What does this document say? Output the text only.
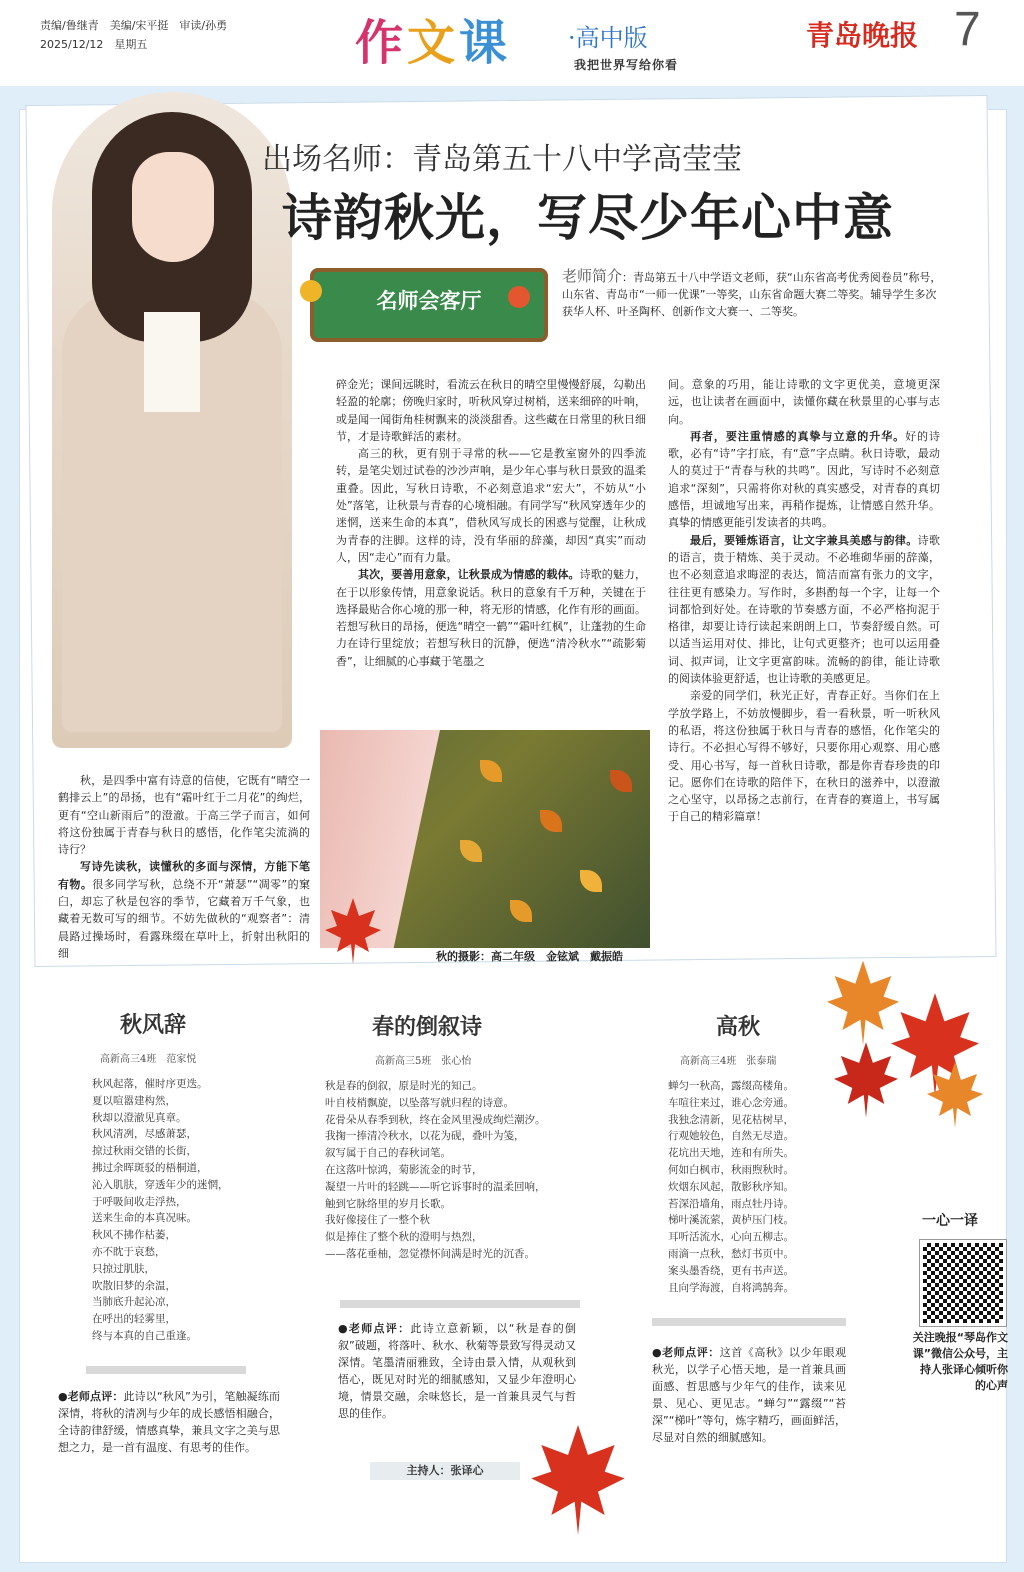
责编/鲁继青　美编/宋平挺　审读/孙勇
2025/12/12　星期五	作文课 ·高中版
我把世界写给你看
青岛晚报 7
出场名师：青岛第五十八中学高莹莹
诗韵秋光，写尽少年心中意
名师会客厅
老师简介：青岛第五十八中学语文老师，获“山东省高考优秀阅卷员”称号，山东省、青岛市“一师一优课”一等奖，山东省命题大赛二等奖。辅导学生多次获华人杯、叶圣陶杯、创新作文大赛一、二等奖。

秋，是四季中富有诗意的信使，它既有“晴空一鹤排云上”的昂扬，也有“霜叶红于二月花”的绚烂，更有“空山新雨后”的澄澈。于高三学子而言，如何将这份独属于青春与秋日的感悟，化作笔尖流淌的诗行？

写诗先读秋，读懂秋的多面与深情，方能下笔有物。很多同学写秋，总绕不开“萧瑟”“凋零”的窠臼，却忘了秋是包容的季节，它藏着万千气象，也藏着无数可写的细节。不妨先做秋的“观察者”：清晨路过操场时，看露珠缀在草叶上，折射出秋阳的细

碎金光；课间远眺时，看流云在秋日的晴空里慢慢舒展，勾勒出轻盈的轮廓；傍晚归家时，听秋风穿过树梢，送来细碎的叶响，或是闻一闻街角桂树飘来的淡淡甜香。这些藏在日常里的秋日细节，才是诗歌鲜活的素材。

高三的秋，更有别于寻常的秋——它是教室窗外的四季流转，是笔尖划过试卷的沙沙声响，是少年心事与秋日景致的温柔重叠。因此，写秋日诗歌，不必刻意追求“宏大”，不妨从“小处”落笔，让秋景与青春的心境相融。有同学写“秋风穿透年少的迷惘，送来生命的本真”，借秋风写成长的困惑与觉醒，让秋成为青春的注脚。这样的诗，没有华丽的辞藻，却因“真实”而动人，因“走心”而有力量。

其次，要善用意象，让秋景成为情感的载体。诗歌的魅力，在于以形象传情，用意象说话。秋日的意象有千万种，关键在于选择最贴合你心境的那一种，将无形的情感，化作有形的画面。若想写秋日的昂扬，便选“晴空一鹤”“霜叶红枫”，让蓬勃的生命力在诗行里绽放；若想写秋日的沉静，便选“清冷秋水”“疏影菊香”，让细腻的心事藏于笔墨之

间。意象的巧用，能让诗歌的文字更优美，意境更深远，也让读者在画面中，读懂你藏在秋景里的心事与志向。

再者，要注重情感的真挚与立意的升华。好的诗歌，必有“诗”字打底，有“意”字点睛。秋日诗歌，最动人的莫过于“青春与秋的共鸣”。因此，写诗时不必刻意追求“深刻”，只需将你对秋的真实感受，对青春的真切感悟，坦诚地写出来，再稍作提炼，让情感自然升华。真挚的情感更能引发读者的共鸣。

最后，要锤炼语言，让文字兼具美感与韵律。诗歌的语言，贵于精炼、美于灵动。不必堆砌华丽的辞藻，也不必刻意追求晦涩的表达，简洁而富有张力的文字，往往更有感染力。写作时，多斟酌每一个字，让每一个词都恰到好处。在诗歌的节奏感方面，不必严格拘泥于格律，却要让诗行读起来朗朗上口，节奏舒缓自然。可以适当运用对仗、排比，让句式更整齐；也可以运用叠词、拟声词，让文字更富韵味。流畅的韵律，能让诗歌的阅读体验更舒适，也让诗歌的美感更足。

亲爱的同学们，秋光正好，青春正好。当你们在上学放学路上，不妨放慢脚步，看一看秋景，听一听秋风的私语，将这份独属于秋日与青春的感悟，化作笔尖的诗行。不必担心写得不够好，只要你用心观察、用心感受、用心书写，每一首秋日诗歌，都是你青春珍贵的印记。愿你们在诗歌的陪伴下，在秋日的滋养中，以澄澈之心坚守，以昂扬之志前行，在青春的赛道上，书写属于自己的精彩篇章！

秋的摄影：高二年级　金铉斌　戴振皓
秋风辞
高新高三4班　范家悦
秋风起落，催时序更迭。
夏以喧嚣建构然，
秋却以澄澈见真章。
秋风清冽，尽感萧瑟，
掠过秋雨交错的长街，
拂过余晖斑驳的梧桐道，
沁入肌肤，穿透年少的迷惘，
于呼吸间收走浮热，
送来生命的本真况味。
秋风不拂作枯萎，
亦不眈于哀愁，
只掠过肌肤，
吹散旧梦的余温，
当肺底升起沁凉，
在呼出的轻雾里，
终与本真的自己重逢。
春的倒叙诗
高新高三5班　张心怡
秋是春的倒叙，原是时光的知己。
叶自枝梢飘旋，以坠落写就归程的诗意。
花骨朵从春季到秋，终在金风里漫成绚烂潮汐。
我掬一捧清冷秋水，以花为砚，叠叶为笺，
叙写属于自己的春秋词笔。
在这落叶惊鸿，菊影流金的时节，
凝望一片叶的轻跳——听它诉事时的温柔回响，
触到它脉络里的岁月长歌。
我好像接住了一整个秋
似是捧住了整个秋的澄明与热烈，
——落花垂柚，忽觉襟怀间满是时光的沉香。
高秋
高新高三4班　张泰瑞
蝉匀一秋高，露缀高楼角。
车喧往来过，谁心念旁通。
我独念清新，见花枯树早，
行观她较色，自然无尽造。
花坑出天地，连和有所失。
何如白枫市，秋雨煦秋时。
炊烟东风起，散影秋序知。
苔深沿墙角，雨点牡丹诗。
梯叶溪流萦，黄栌压门枝。
耳听活流水，心向五柳志。
雨滴一点秋，愁灯书页中。
案头墨香绕，更有书声送。
且向学海渡，自将鸿鹄奔。
●老师点评：此诗以“秋风”为引，笔触凝练而深情，将秋的清冽与少年的成长感悟相融合，全诗韵律舒缓，情感真挚，兼具文字之美与思想之力，是一首有温度、有思考的佳作。
●老师点评：此诗立意新颖，以“秋是春的倒叙”破题，将落叶、秋水、秋菊等景致写得灵动又深情。笔墨清丽雅致，全诗由景入情，从观秋到悟心，既见对时光的细腻感知，又显少年澄明心境，情景交融，余味悠长，是一首兼具灵气与哲思的佳作。
●老师点评：这首《高秋》以少年眼观秋光，以学子心悟天地，是一首兼具画面感、哲思感与少年气的佳作，读来见景、见心、更见志。“蝉匀”“露缀”“苔深”“梯叶”等句，炼字精巧，画面鲜活，尽显对自然的细腻感知。
主持人：张译心
一心一译
关注晚报“琴岛作文课”微信公众号，主持人张译心倾听你的心声
